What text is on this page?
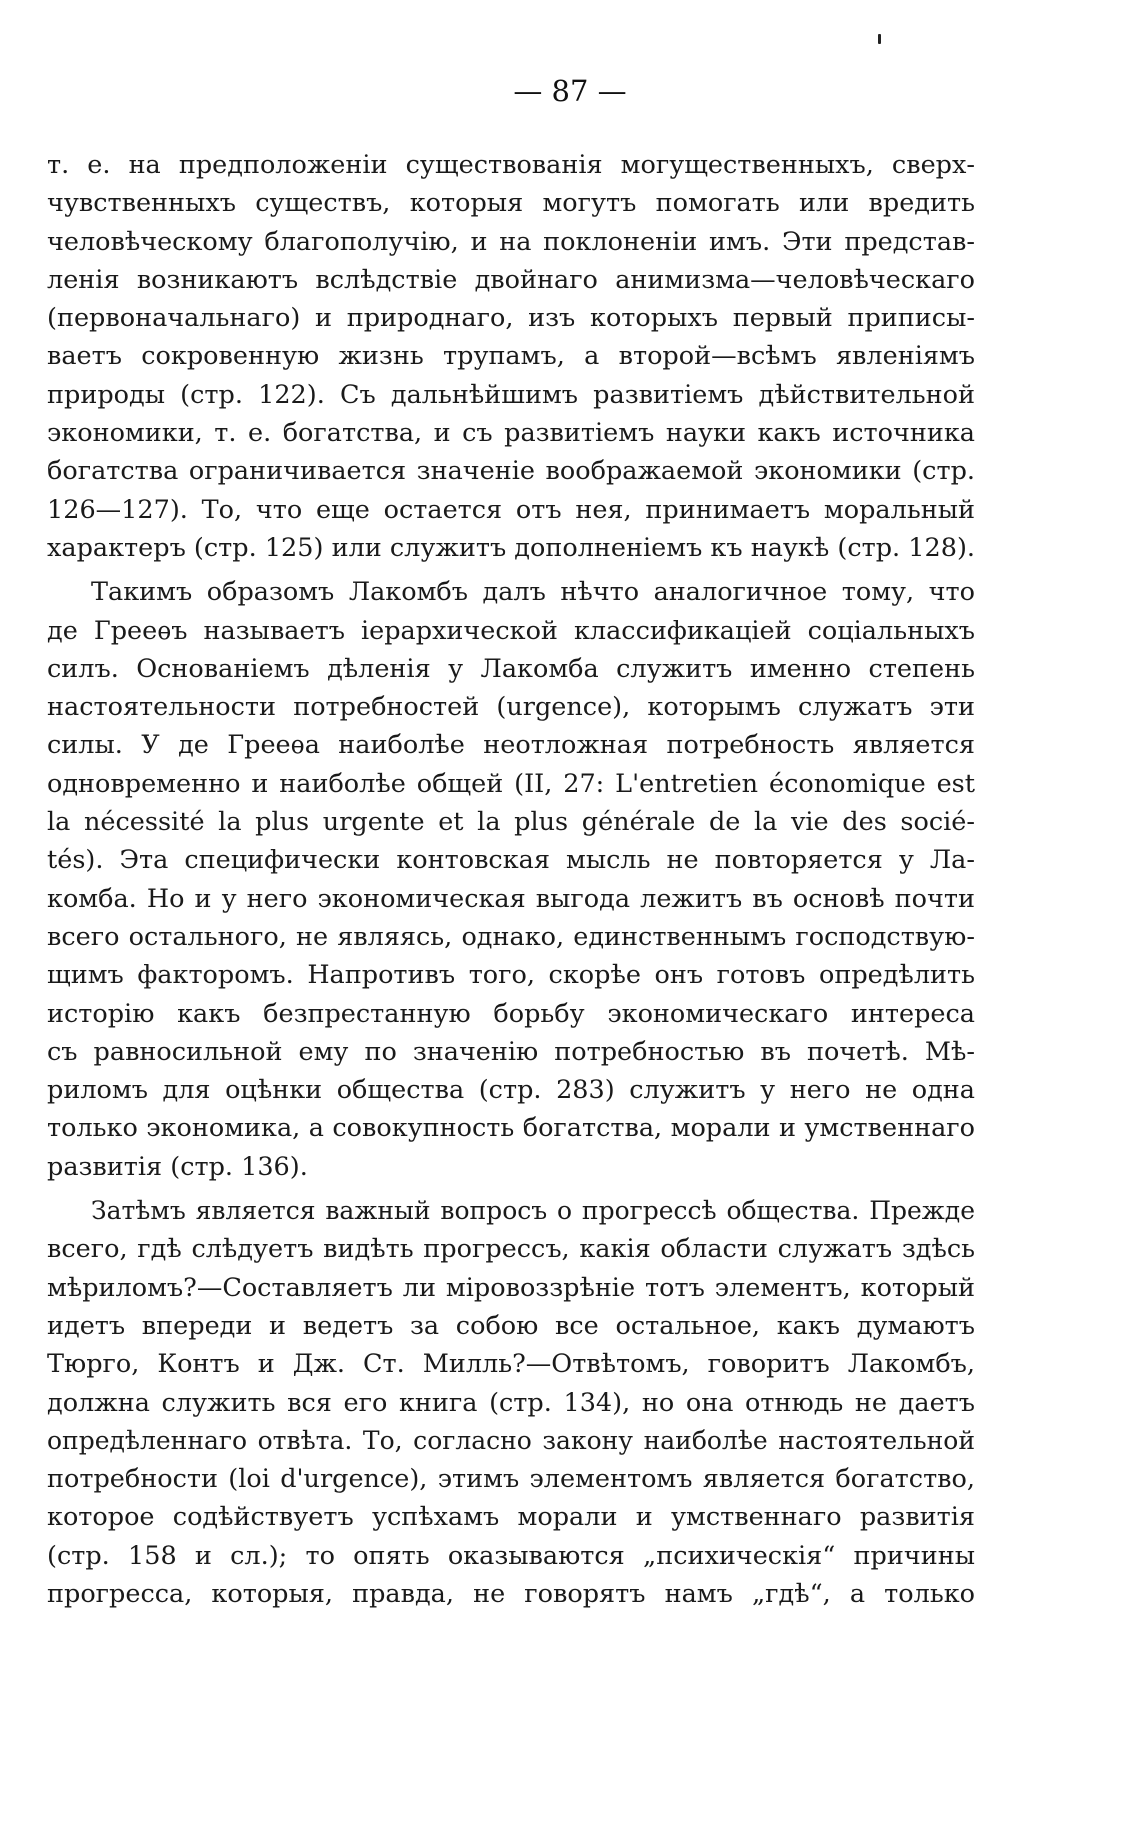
— 87 —
т. е. на предположеніи существованія могущественныхъ, сверх-
чувственныхъ существъ, которыя могутъ помогать или вредить
человѣческому благополучію, и на поклоненіи имъ. Эти представ-
ленія возникаютъ вслѣдствіе двойнаго анимизма—человѣческаго
(первоначальнаго) и природнаго, изъ которыхъ первый приписы-
ваетъ сокровенную жизнь трупамъ, а второй—всѣмъ явленіямъ
природы (стр. 122). Съ дальнѣйшимъ развитіемъ дѣйствительной
экономики, т. е. богатства, и съ развитіемъ науки какъ источника
богатства ограничивается значеніе воображаемой экономики (стр.
126—127). То, что еще остается отъ нея, принимаетъ моральный
характеръ (стр. 125) или служитъ дополненіемъ къ наукѣ (стр. 128).
Такимъ образомъ Лакомбъ далъ нѣчто аналогичное тому, что
де Грееѳъ называетъ іерархической классификаціей соціальныхъ
силъ. Основаніемъ дѣленія у Лакомба служитъ именно степень
настоятельности потребностей (urgence), которымъ служатъ эти
силы. У де Грееѳа наиболѣе неотложная потребность является
одновременно и наиболѣе общей (II, 27: L'entretien économique est
la nécessité la plus urgente et la plus générale de la vie des socié-
tés). Эта специфически контовская мысль не повторяется у Ла-
комба. Но и у него экономическая выгода лежитъ въ основѣ почти
всего остального, не являясь, однако, единственнымъ господствую-
щимъ факторомъ. Напротивъ того, скорѣе онъ готовъ опредѣлить
исторію какъ безпрестанную борьбу экономическаго интереса
съ равносильной ему по значенію потребностью въ почетѣ. Мѣ-
риломъ для оцѣнки общества (стр. 283) служитъ у него не одна
только экономика, а совокупность богатства, морали и умственнаго
развитія (стр. 136).
Затѣмъ является важный вопросъ о прогрессѣ общества. Прежде
всего, гдѣ слѣдуетъ видѣть прогрессъ, какія области служатъ здѣсь
мѣриломъ?—Составляетъ ли міровоззрѣніе тотъ элементъ, который
идетъ впереди и ведетъ за собою все остальное, какъ думаютъ
Тюрго, Контъ и Дж. Ст. Милль?—Отвѣтомъ, говоритъ Лакомбъ,
должна служить вся его книга (стр. 134), но она отнюдь не даетъ
опредѣленнаго отвѣта. То, согласно закону наиболѣе настоятельной
потребности (loi d'urgence), этимъ элементомъ является богатство,
которое содѣйствуетъ успѣхамъ морали и умственнаго развитія
(стр. 158 и сл.); то опять оказываются „психическія“ причины
прогресса, которыя, правда, не говорятъ намъ „гдѣ“, а только
